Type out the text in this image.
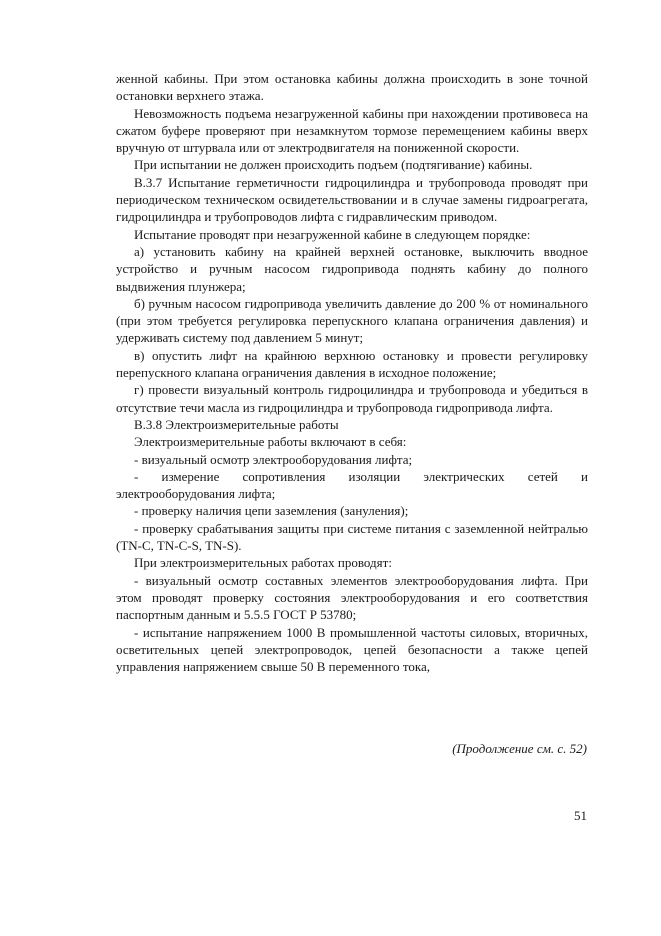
женной кабины. При этом остановка кабины должна происходить в зоне точной остановки верхнего этажа.

Невозможность подъема незагруженной кабины при нахождении противовеса на сжатом буфере проверяют при незамкнутом тормозе перемещением кабины вверх вручную от штурвала или от электродвигателя на пониженной скорости.

При испытании не должен происходить подъем (подтягивание) кабины.

В.3.7 Испытание герметичности гидроцилиндра и трубопровода проводят при периодическом техническом освидетельствовании и в случае замены гидроагрегата, гидроцилиндра и трубопроводов лифта с гидравлическим приводом.

Испытание проводят при незагруженной кабине в следующем порядке:

а) установить кабину на крайней верхней остановке, выключить вводное устройство и ручным насосом гидропривода поднять кабину до полного выдвижения плунжера;

б) ручным насосом гидропривода увеличить давление до 200 % от номинального (при этом требуется регулировка перепускного клапана ограничения давления) и удерживать систему под давлением 5 минут;

в) опустить лифт на крайнюю верхнюю остановку и провести регулировку перепускного клапана ограничения давления в исходное положение;

г) провести визуальный контроль гидроцилиндра и трубопровода и убедиться в отсутствие течи масла из гидроцилиндра и трубопровода гидропривода лифта.

В.3.8 Электроизмерительные работы

Электроизмерительные работы включают в себя:

- визуальный осмотр электрооборудования лифта;

- измерение сопротивления изоляции электрических сетей и электрооборудования лифта;

- проверку наличия цепи заземления (зануления);

- проверку срабатывания защиты при системе питания с заземленной нейтралью (TN-C, TN-C-S, TN-S).

При электроизмерительных работах проводят:

- визуальный осмотр составных элементов электрооборудования лифта. При этом проводят проверку состояния электрооборудования и его соответствия паспортным данным и 5.5.5 ГОСТ Р 53780;

- испытание напряжением 1000 В промышленной частоты силовых, вторичных, осветительных цепей электропроводок, цепей безопасности а также цепей управления напряжением свыше 50 В переменного тока,

(Продолжение см. с. 52)
51
